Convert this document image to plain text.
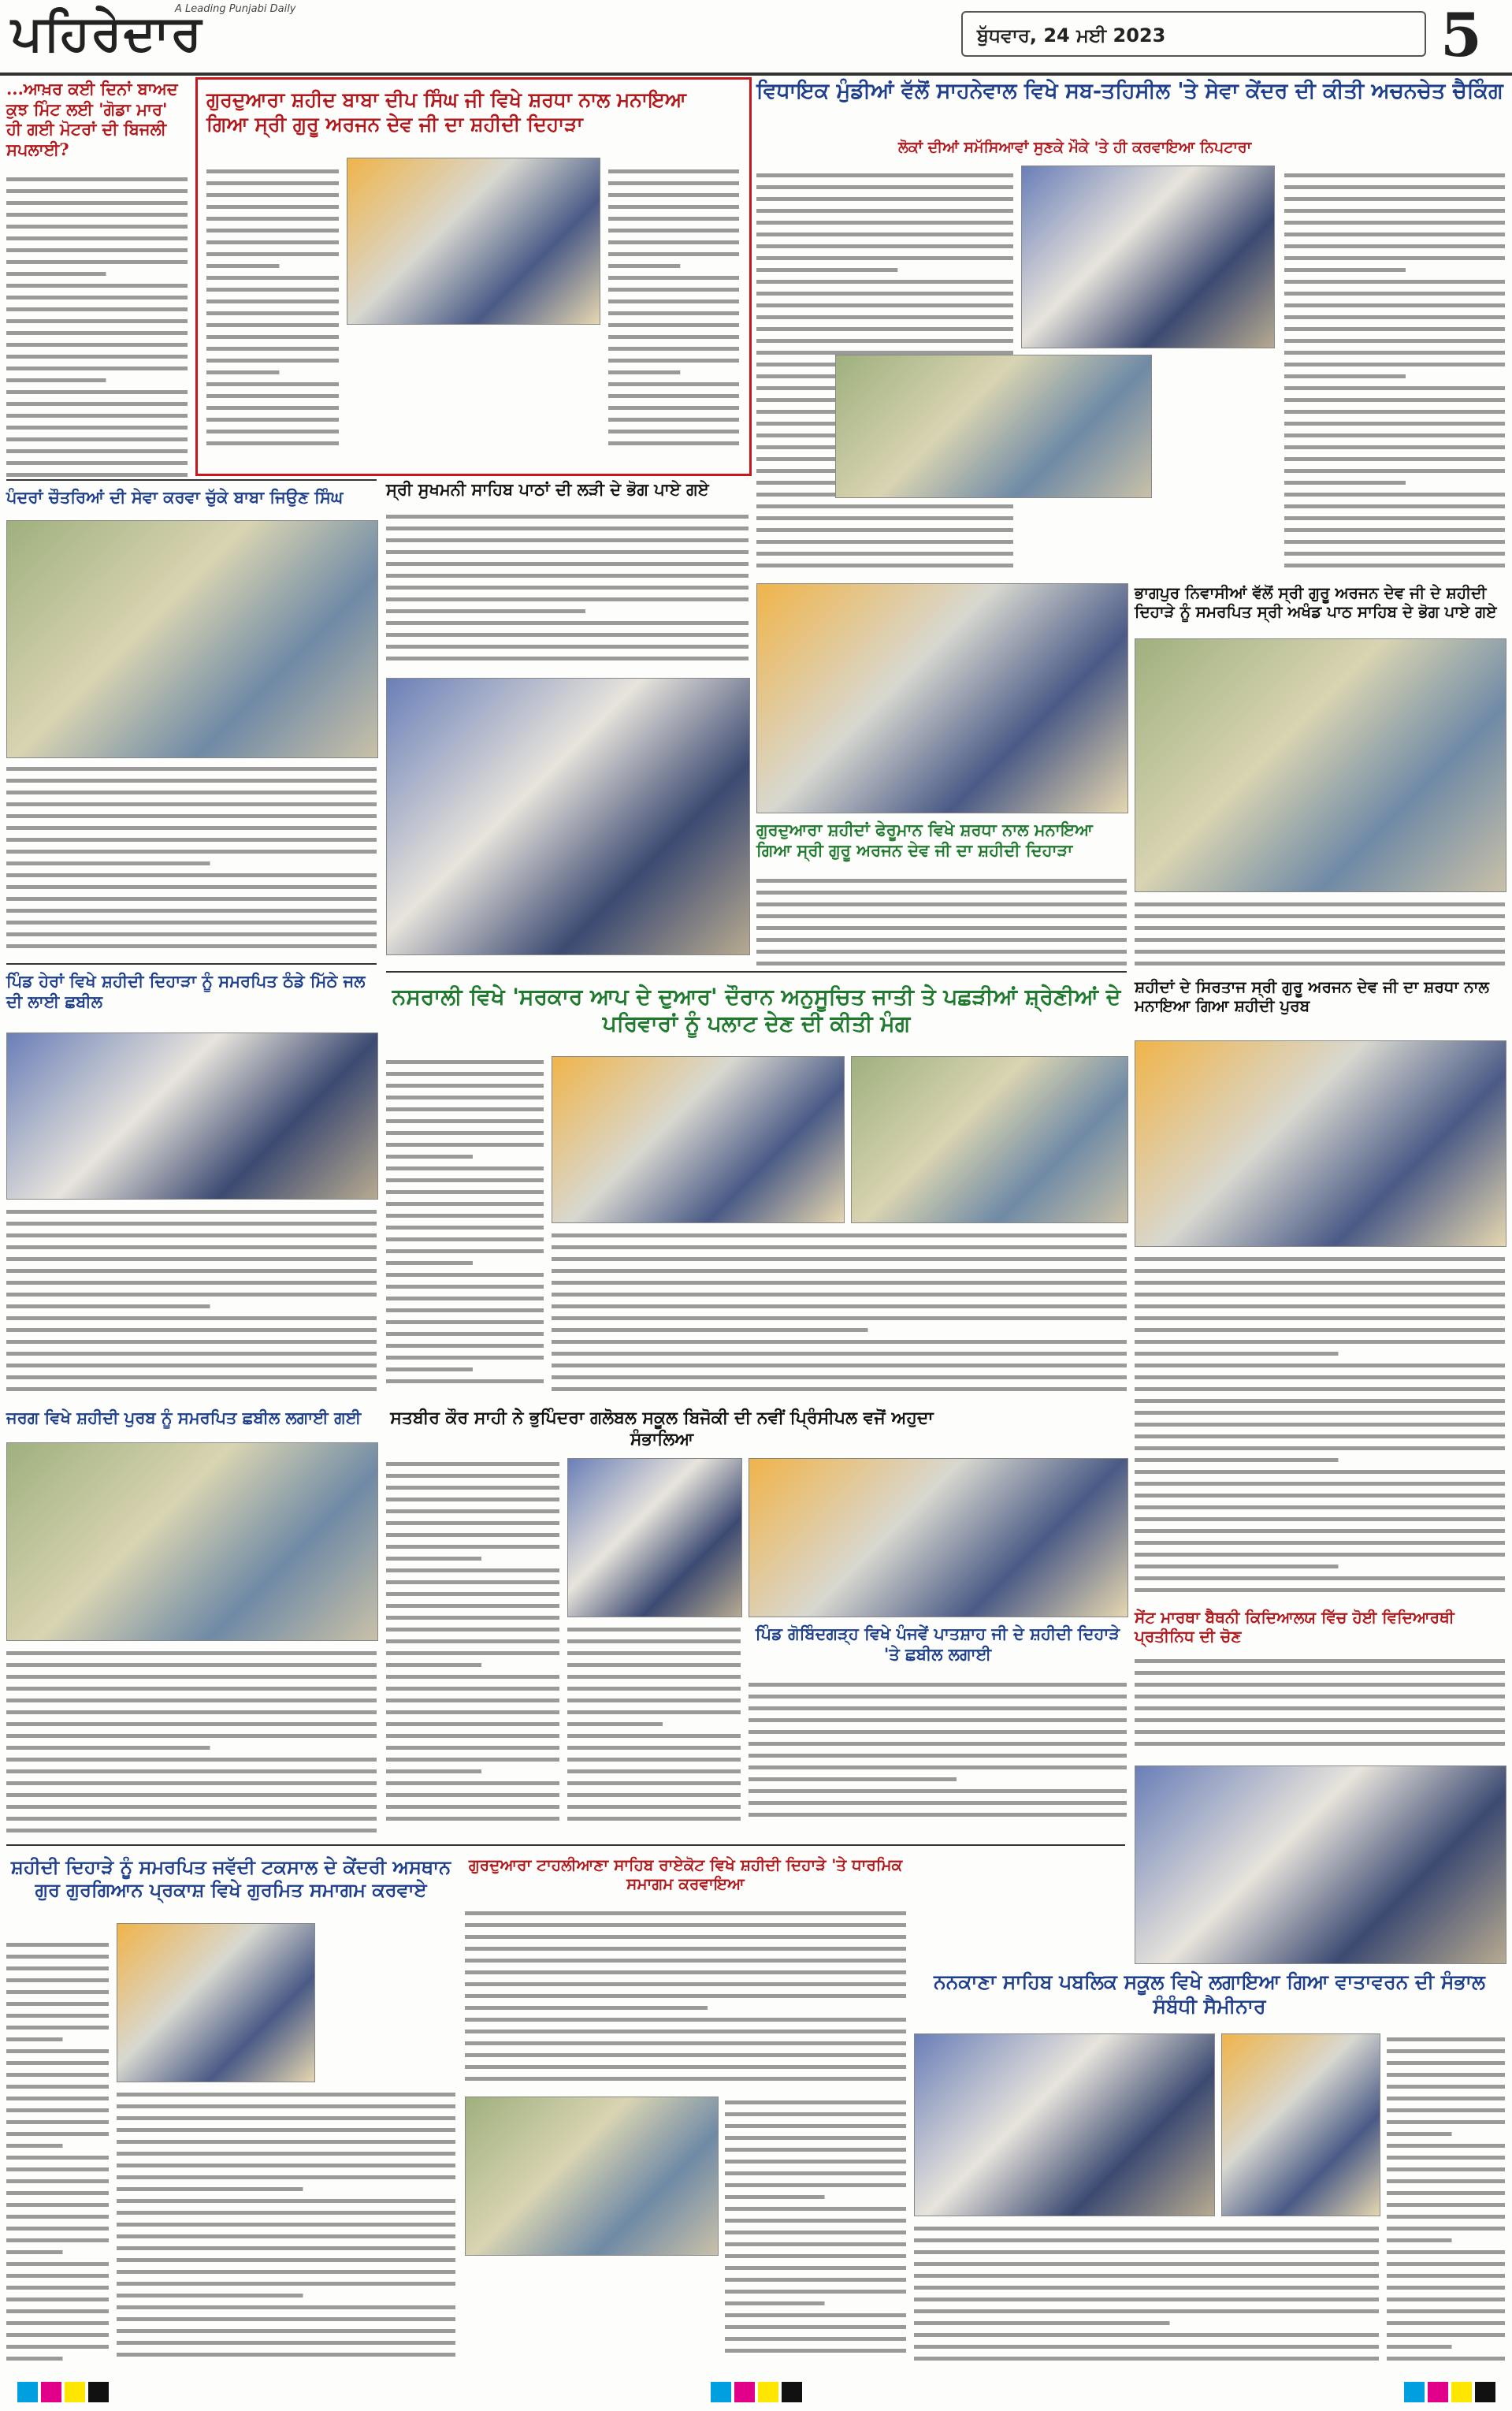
ਪਹਿਰੇਦਾਰ
A Leading Punjabi Daily
ਬੁੱਧਵਾਰ, 24 ਮਈ 2023	5
...ਆਖ਼ਰ ਕਈ ਦਿਨਾਂ ਬਾਅਦ ਕੁਝ ਮਿੰਟ ਲਈ 'ਗੋਡਾ ਮਾਰ' ਹੀ ਗਈ ਮੋਟਰਾਂ ਦੀ ਬਿਜਲੀ ਸਪਲਾਈ?
ਗੁਰਦੁਆਰਾ ਸ਼ਹੀਦ ਬਾਬਾ ਦੀਪ ਸਿੰਘ ਜੀ ਵਿਖੇ ਸ਼ਰਧਾ ਨਾਲ ਮਨਾਇਆ ਗਿਆ ਸ੍ਰੀ ਗੁਰੂ ਅਰਜਨ ਦੇਵ ਜੀ ਦਾ ਸ਼ਹੀਦੀ ਦਿਹਾੜਾ
ਵਿਧਾਇਕ ਮੁੰਡੀਆਂ ਵੱਲੋਂ ਸਾਹਨੇਵਾਲ ਵਿਖੇ ਸਬ-ਤਹਿਸੀਲ 'ਤੇ ਸੇਵਾ ਕੇਂਦਰ ਦੀ ਕੀਤੀ ਅਚਨਚੇਤ ਚੈਕਿੰਗ
ਲੋਕਾਂ ਦੀਆਂ ਸਮੱਸਿਆਵਾਂ ਸੁਣਕੇ ਮੌਕੇ 'ਤੇ ਹੀ ਕਰਵਾਇਆ ਨਿਪਟਾਰਾ
ਪੰਦਰਾਂ ਚੌਤਰਿਆਂ ਦੀ ਸੇਵਾ ਕਰਵਾ ਚੁੱਕੇ ਬਾਬਾ ਜਿਉਣ ਸਿੰਘ	ਸ੍ਰੀ ਸੁਖਮਨੀ ਸਾਹਿਬ ਪਾਠਾਂ ਦੀ ਲੜੀ ਦੇ ਭੋਗ ਪਾਏ ਗਏ
ਗੁਰਦੁਆਰਾ ਸ਼ਹੀਦਾਂ ਫੇਰੂਮਾਨ ਵਿਖੇ ਸ਼ਰਧਾ ਨਾਲ ਮਨਾਇਆ ਗਿਆ ਸ੍ਰੀ ਗੁਰੂ ਅਰਜਨ ਦੇਵ ਜੀ ਦਾ ਸ਼ਹੀਦੀ ਦਿਹਾੜਾ
ਭਾਗਪੁਰ ਨਿਵਾਸੀਆਂ ਵੱਲੋਂ ਸ੍ਰੀ ਗੁਰੂ ਅਰਜਨ ਦੇਵ ਜੀ ਦੇ ਸ਼ਹੀਦੀ ਦਿਹਾੜੇ ਨੂੰ ਸਮਰਪਿਤ ਸ੍ਰੀ ਅਖੰਡ ਪਾਠ ਸਾਹਿਬ ਦੇ ਭੋਗ ਪਾਏ ਗਏ
ਪਿੰਡ ਹੇਰਾਂ ਵਿਖੇ ਸ਼ਹੀਦੀ ਦਿਹਾੜਾ ਨੂੰ ਸਮਰਪਿਤ ਠੰਡੇ ਮਿੱਠੇ ਜਲ ਦੀ ਲਾਈ ਛਬੀਲ	ਨਸਰਾਲੀ ਵਿਖੇ 'ਸਰਕਾਰ ਆਪ ਦੇ ਦੁਆਰ' ਦੌਰਾਨ ਅਨੁਸੂਚਿਤ ਜਾਤੀ ਤੇ ਪਛੜੀਆਂ ਸ਼੍ਰੇਣੀਆਂ ਦੇ ਪਰਿਵਾਰਾਂ ਨੂੰ ਪਲਾਟ ਦੇਣ ਦੀ ਕੀਤੀ ਮੰਗ
ਸ਼ਹੀਦਾਂ ਦੇ ਸਿਰਤਾਜ ਸ੍ਰੀ ਗੁਰੂ ਅਰਜਨ ਦੇਵ ਜੀ ਦਾ ਸ਼ਰਧਾ ਨਾਲ ਮਨਾਇਆ ਗਿਆ ਸ਼ਹੀਦੀ ਪੁਰਬ
ਜਰਗ ਵਿਖੇ ਸ਼ਹੀਦੀ ਪੁਰਬ ਨੂੰ ਸਮਰਪਿਤ ਛਬੀਲ ਲਗਾਈ ਗਈ	ਸਤਬੀਰ ਕੌਰ ਸਾਹੀ ਨੇ ਭੁਪਿੰਦਰਾ ਗਲੋਬਲ ਸਕੂਲ ਬਿਜੋਕੀ ਦੀ ਨਵੀਂ ਪ੍ਰਿੰਸੀਪਲ ਵਜੋਂ ਅਹੁਦਾ ਸੰਭਾਲਿਆ
ਪਿੰਡ ਗੋਬਿੰਦਗੜ੍ਹ ਵਿਖੇ ਪੰਜਵੇਂ ਪਾਤਸ਼ਾਹ ਜੀ ਦੇ ਸ਼ਹੀਦੀ ਦਿਹਾੜੇ 'ਤੇ ਛਬੀਲ ਲਗਾਈ
ਸੇਂਟ ਮਾਰਥਾ ਬੈਥਨੀ ਕਿਦਿਆਲਯ ਵਿੱਚ ਹੋਈ ਵਿਦਿਆਰਥੀ ਪ੍ਰਤੀਨਿਧ ਦੀ ਚੋਣ
ਸ਼ਹੀਦੀ ਦਿਹਾੜੇ ਨੂੰ ਸਮਰਪਿਤ ਜਵੱਦੀ ਟਕਸਾਲ ਦੇ ਕੇਂਦਰੀ ਅਸਥਾਨ ਗੁਰ ਗੁਰਗਿਆਨ ਪ੍ਰਕਾਸ਼ ਵਿਖੇ ਗੁਰਮਿਤ ਸਮਾਗਮ ਕਰਵਾਏ
ਗੁਰਦੁਆਰਾ ਟਾਹਲੀਆਣਾ ਸਾਹਿਬ ਰਾਏਕੋਟ ਵਿਖੇ ਸ਼ਹੀਦੀ ਦਿਹਾੜੇ 'ਤੇ ਧਾਰਮਿਕ ਸਮਾਗਮ ਕਰਵਾਇਆ
ਨਨਕਾਣਾ ਸਾਹਿਬ ਪਬਲਿਕ ਸਕੂਲ ਵਿਖੇ ਲਗਾਇਆ ਗਿਆ ਵਾਤਾਵਰਨ ਦੀ ਸੰਭਾਲ ਸੰਬੰਧੀ ਸੈਮੀਨਾਰ
